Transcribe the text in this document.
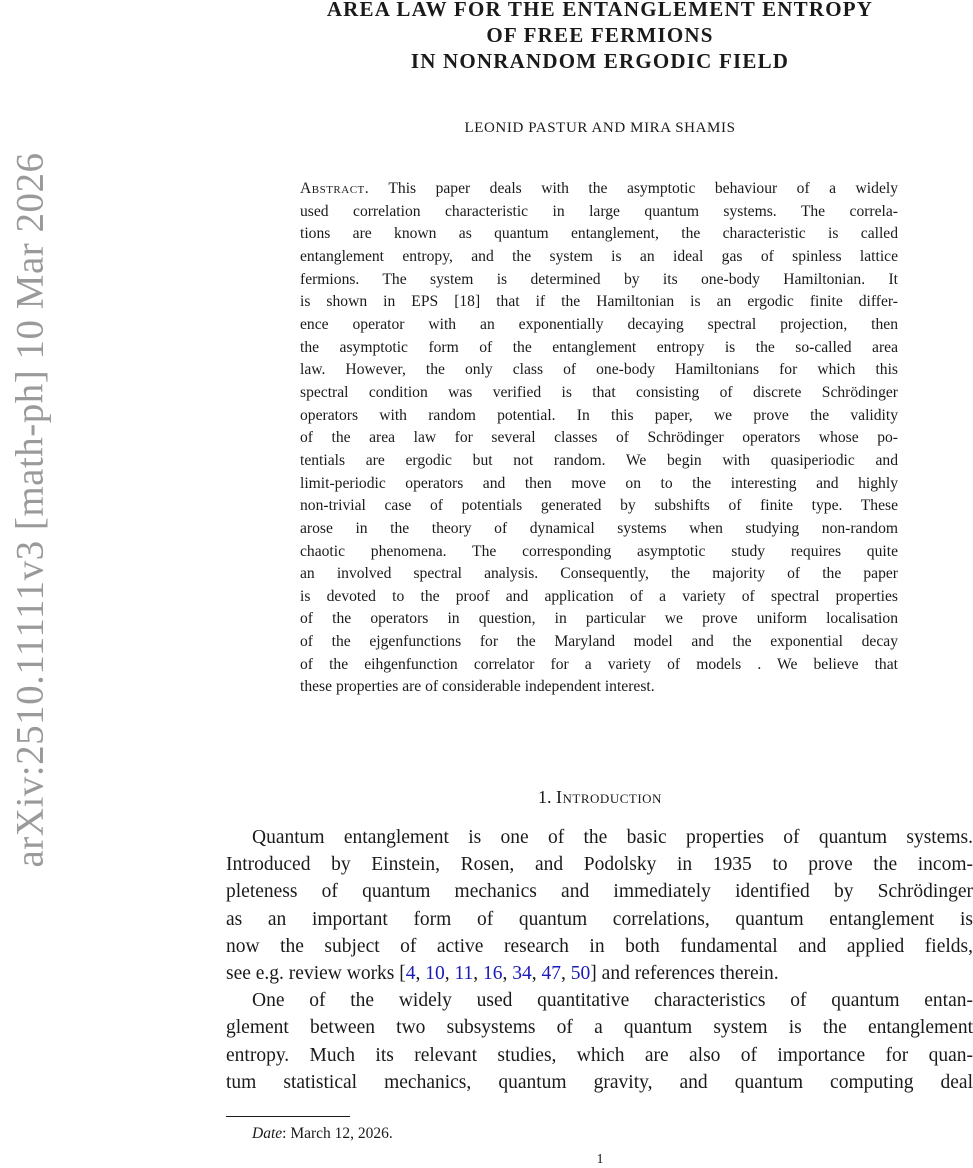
arXiv:2510.11111v3 [math-ph] 10 Mar 2026
AREA LAW FOR THE ENTANGLEMENT ENTROPY
OF FREE FERMIONS
IN NONRANDOM ERGODIC FIELD
LEONID PASTUR AND MIRA SHAMIS
Abstract. This paper deals with the asymptotic behaviour of a widely
used correlation characteristic in large quantum systems. The correla-
tions are known as quantum entanglement, the characteristic is called
entanglement entropy, and the system is an ideal gas of spinless lattice
fermions. The system is determined by its one-body Hamiltonian. It
is shown in EPS [18] that if the Hamiltonian is an ergodic finite differ-
ence operator with an exponentially decaying spectral projection, then
the asymptotic form of the entanglement entropy is the so-called area
law. However, the only class of one-body Hamiltonians for which this
spectral condition was verified is that consisting of discrete Schrödinger
operators with random potential. In this paper, we prove the validity
of the area law for several classes of Schrödinger operators whose po-
tentials are ergodic but not random. We begin with quasiperiodic and
limit-periodic operators and then move on to the interesting and highly
non-trivial case of potentials generated by subshifts of finite type. These
arose in the theory of dynamical systems when studying non-random
chaotic phenomena. The corresponding asymptotic study requires quite
an involved spectral analysis. Consequently, the majority of the paper
is devoted to the proof and application of a variety of spectral properties
of the operators in question, in particular we prove uniform localisation
of the ejgenfunctions for the Maryland model and the exponential decay
of the eihgenfunction correlator for a variety of models . We believe that
these properties are of considerable independent interest.
1. Introduction
Quantum entanglement is one of the basic properties of quantum systems.
Introduced by Einstein, Rosen, and Podolsky in 1935 to prove the incom-
pleteness of quantum mechanics and immediately identified by Schrödinger
as an important form of quantum correlations, quantum entanglement is
now the subject of active research in both fundamental and applied fields,
see e.g. review works [4, 10, 11, 16, 34, 47, 50] and references therein.
One of the widely used quantitative characteristics of quantum entan-
glement between two subsystems of a quantum system is the entanglement
entropy. Much its relevant studies, which are also of importance for quan-
tum statistical mechanics, quantum gravity, and quantum computing deal
Date: March 12, 2026.
1
